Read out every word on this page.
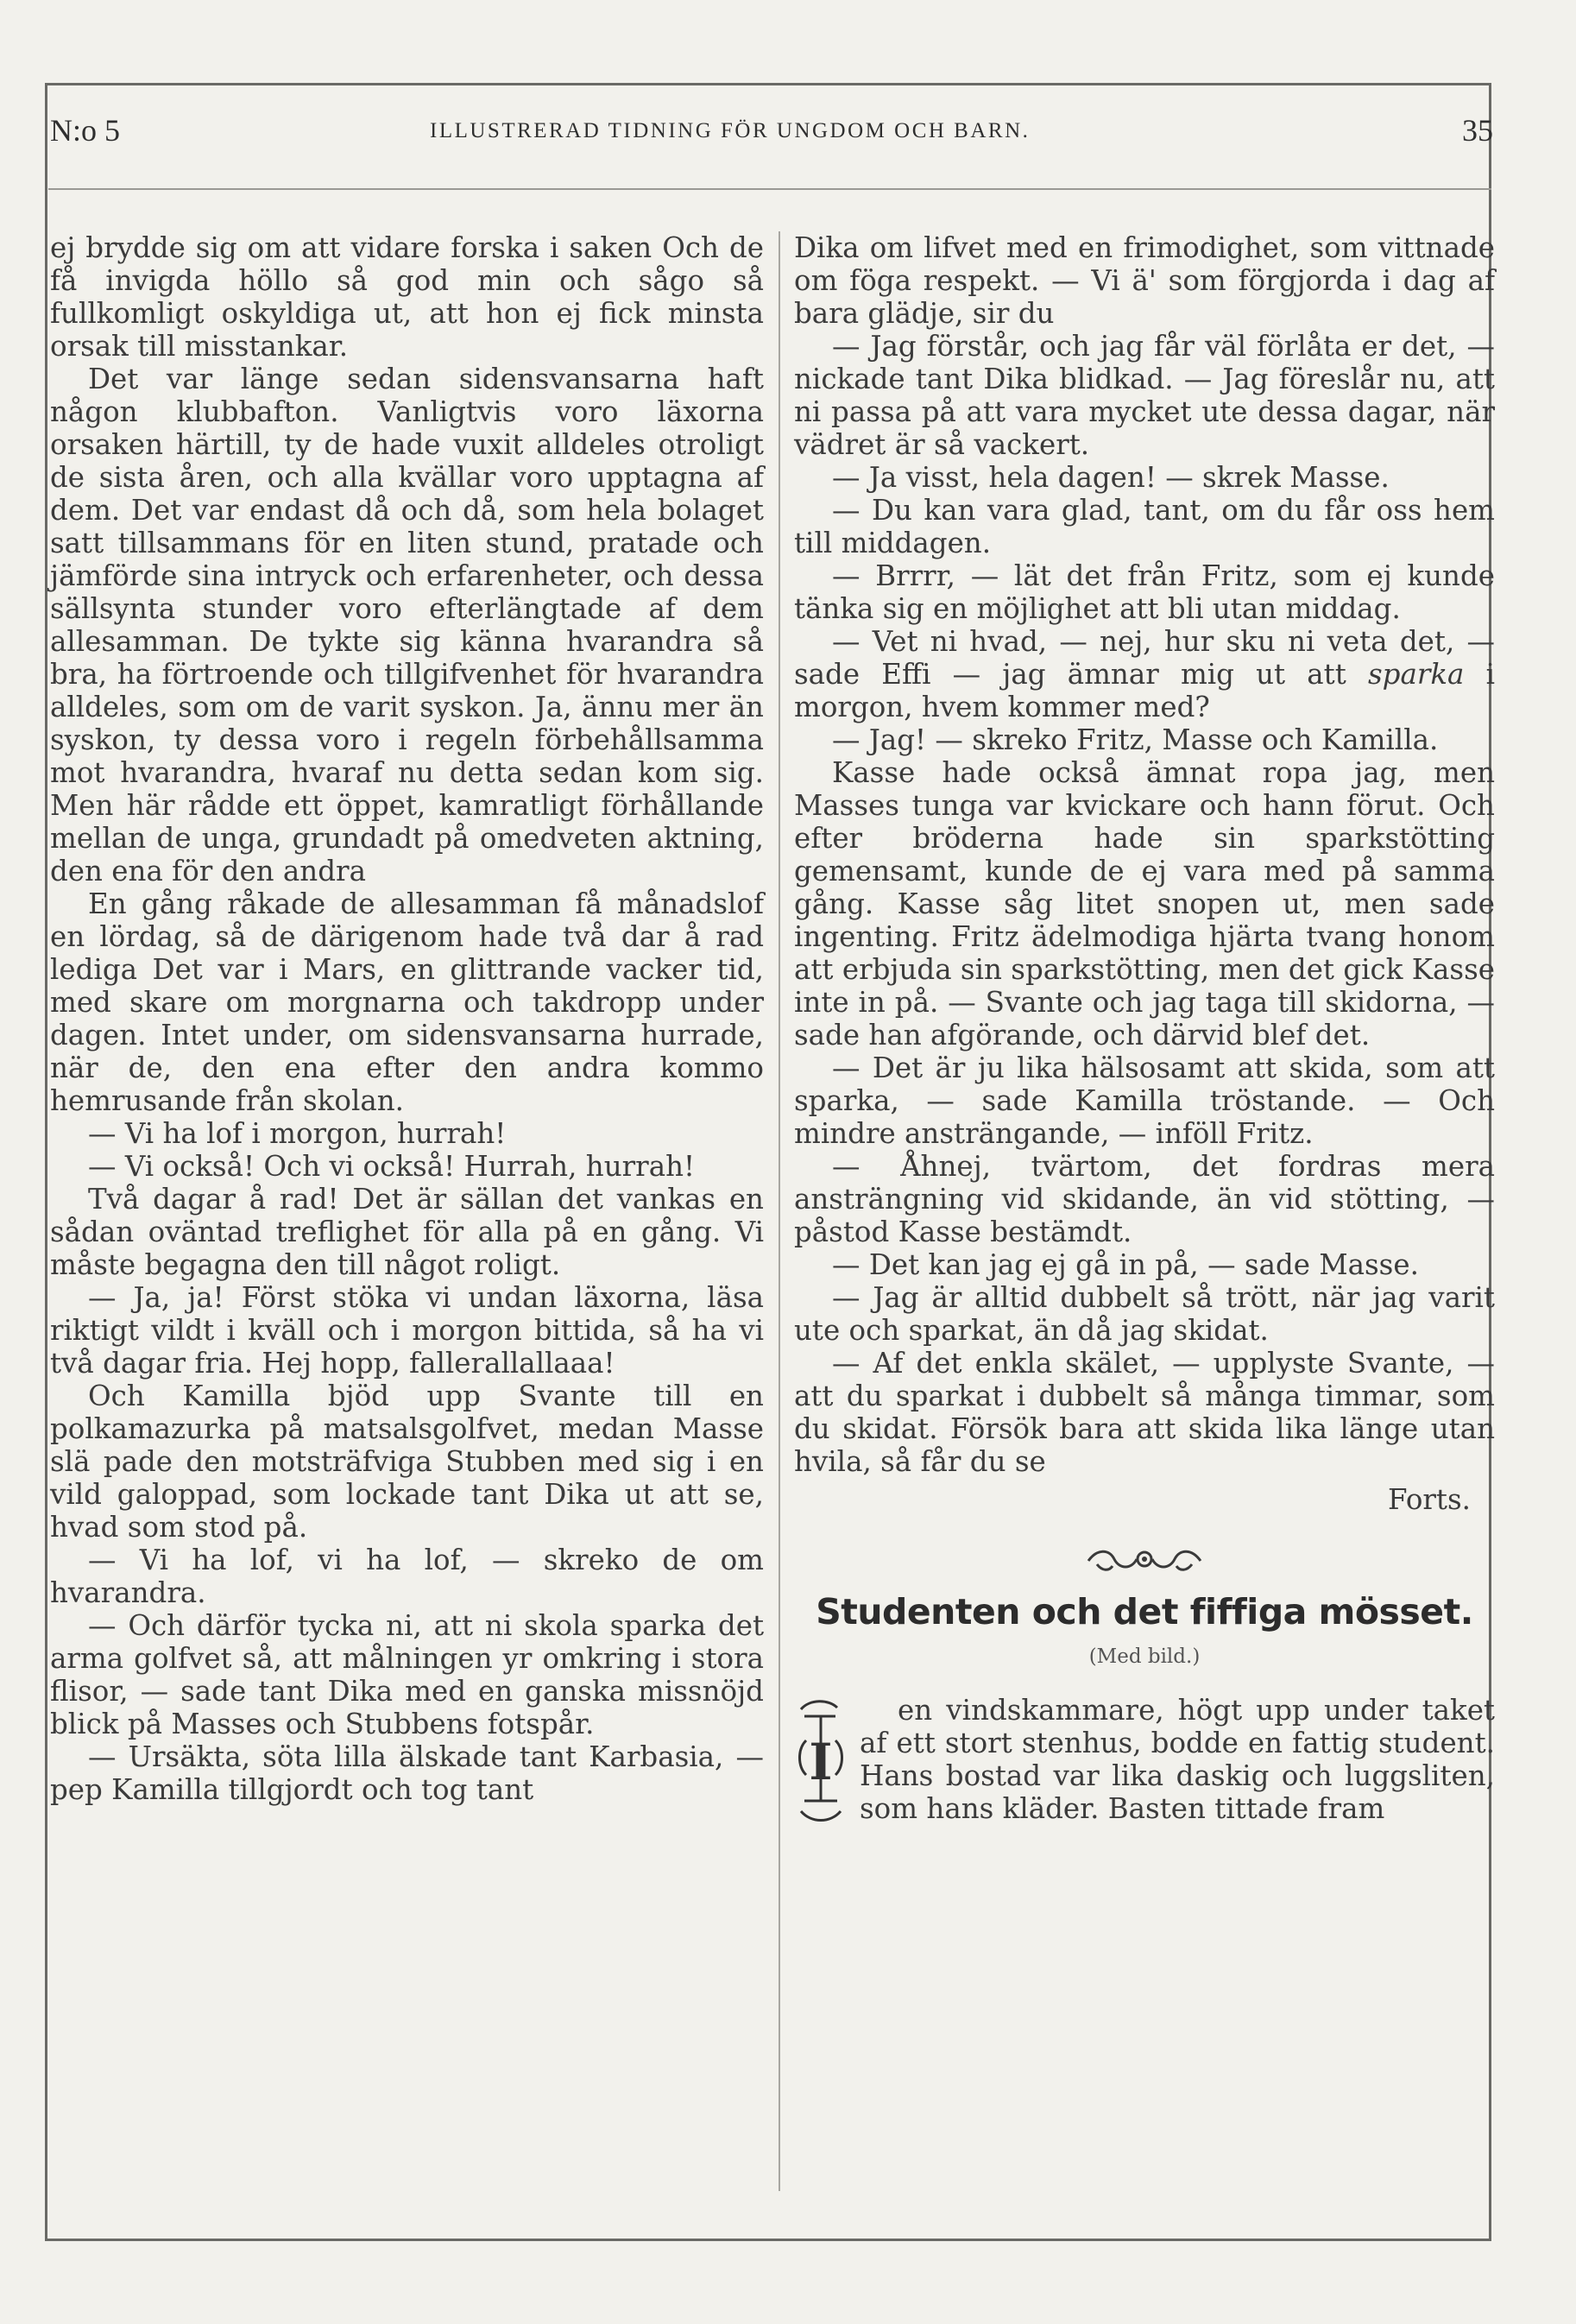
N:o 5	ILLUSTRERAD TIDNING FÖR UNGDOM OCH BARN.	35

ej brydde sig om att vidare forska i saken Och de få invigda höllo så god min och sågo så fullkomligt oskyldiga ut, att hon ej fick minsta orsak till misstankar.

Det var länge sedan sidensvansarna haft någon klubbafton. Vanligtvis voro läxorna orsaken härtill, ty de hade vuxit alldeles otroligt de sista åren, och alla kvällar voro upptagna af dem. Det var endast då och då, som hela bolaget satt tillsammans för en liten stund, pratade och jämförde sina intryck och erfarenheter, och dessa sällsynta stunder voro efterlängtade af dem allesamman. De tykte sig känna hvarandra så bra, ha förtroende och tillgifvenhet för hvarandra alldeles, som om de varit syskon. Ja, ännu mer än syskon, ty dessa voro i regeln förbehållsamma mot hvarandra, hvaraf nu detta sedan kom sig. Men här rådde ett öppet, kamratligt förhållande mellan de unga, grundadt på omedveten aktning, den ena för den andra

En gång råkade de allesamman få månadslof en lördag, så de därigenom hade två dar å rad lediga Det var i Mars, en glittrande vacker tid, med skare om morgnarna och takdropp under dagen. Intet under, om sidensvansarna hurrade, när de, den ena efter den andra kommo hemrusande från skolan.

— Vi ha lof i morgon, hurrah!

— Vi också! Och vi också! Hurrah, hurrah!

Två dagar å rad! Det är sällan det vankas en sådan oväntad treflighet för alla på en gång. Vi måste begagna den till något roligt.

— Ja, ja! Först stöka vi undan läxorna, läsa riktigt vildt i kväll och i morgon bittida, så ha vi två dagar fria. Hej hopp, fallerallallaaa!

Och Kamilla bjöd upp Svante till en polkamazurka på matsalsgolfvet, medan Masse slä pade den motsträfviga Stubben med sig i en vild galoppad, som lockade tant Dika ut att se, hvad som stod på.

— Vi ha lof, vi ha lof, — skreko de om hvarandra.

— Och därför tycka ni, att ni skola sparka det arma golfvet så, att målningen yr omkring i stora flisor, — sade tant Dika med en ganska missnöjd blick på Masses och Stubbens fotspår.

— Ursäkta, söta lilla älskade tant Karbasia, — pep Kamilla tillgjordt och tog tant

Dika om lifvet med en frimodighet, som vittnade om föga respekt. — Vi ä' som förgjorda i dag af bara glädje, sir du

— Jag förstår, och jag får väl förlåta er det, — nickade tant Dika blidkad. — Jag föreslår nu, att ni passa på att vara mycket ute dessa dagar, när vädret är så vackert.

— Ja visst, hela dagen! — skrek Masse.

— Du kan vara glad, tant, om du får oss hem till middagen.

— Brrrr, — lät det från Fritz, som ej kunde tänka sig en möjlighet att bli utan middag.

— Vet ni hvad, — nej, hur sku ni veta det, — sade Effi — jag ämnar mig ut att sparka i morgon, hvem kommer med?

— Jag! — skreko Fritz, Masse och Kamilla.

Kasse hade också ämnat ropa jag, men Masses tunga var kvickare och hann förut. Och efter bröderna hade sin sparkstötting gemensamt, kunde de ej vara med på samma gång. Kasse såg litet snopen ut, men sade ingenting. Fritz ädelmodiga hjärta tvang honom att erbjuda sin sparkstötting, men det gick Kasse inte in på. — Svante och jag taga till skidorna, — sade han afgörande, och därvid blef det.

— Det är ju lika hälsosamt att skida, som att sparka, — sade Kamilla tröstande. — Och mindre ansträngande, — inföll Fritz.

— Åhnej, tvärtom, det fordras mera ansträngning vid skidande, än vid stötting, — påstod Kasse bestämdt.

— Det kan jag ej gå in på, — sade Masse.

— Jag är alltid dubbelt så trött, när jag varit ute och sparkat, än då jag skidat.

— Af det enkla skälet, — upplyste Svante, — att du sparkat i dubbelt så många timmar, som du skidat. Försök bara att skida lika länge utan hvila, så får du se

Forts.

Studenten och det fiffiga mösset.
(Med bild.)

I
en vindskammare, högt upp under taket af ett stort stenhus, bodde en fattig student. Hans bostad var lika daskig och luggsliten, som hans kläder. Basten tittade fram
